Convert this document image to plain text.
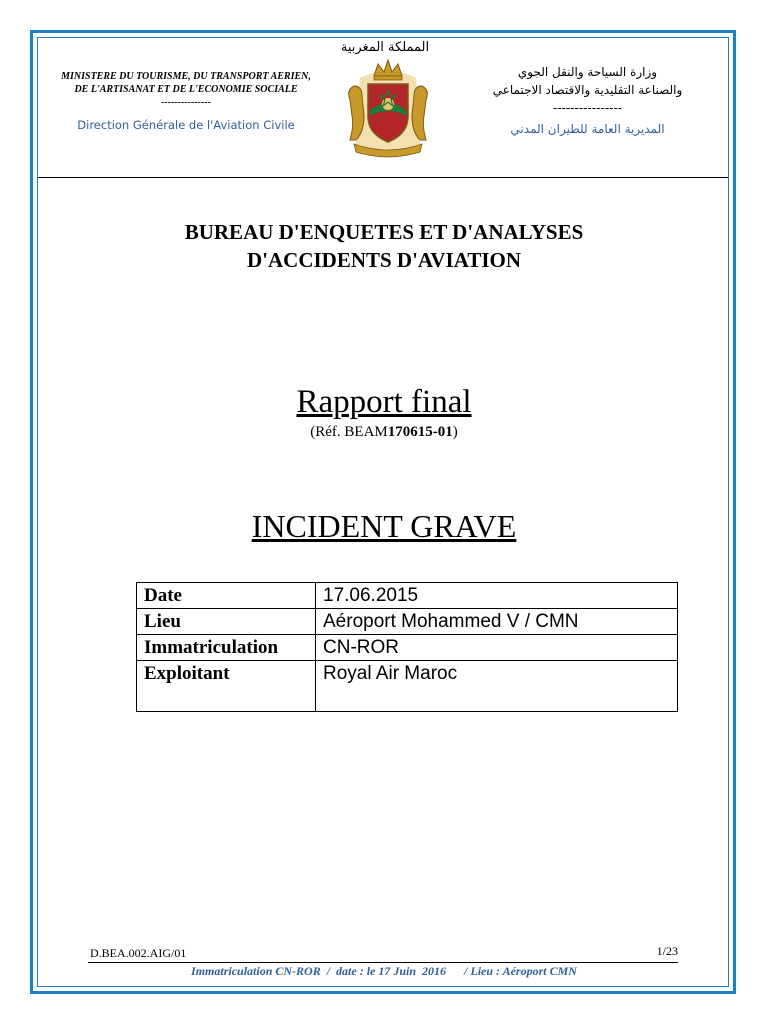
المملكة المغربية
MINISTERE DU TOURISME, DU TRANSPORT AERIEN,
DE L'ARTISANAT ET DE L'ECONOMIE SOCIALE
---------------
Direction Générale de l'Aviation Civile
وزارة السياحة والنقل الجوي
والصناعة التقليدية والاقتصاد الاجتماعي
----------------
المديرية العامة للطيران المدني
BUREAU D'ENQUETES ET D'ANALYSES
D'ACCIDENTS D'AVIATION
Rapport final
(Réf. BEAM170615-01)
INCIDENT GRAVE
Date	17.06.2015
Lieu	Aéroport Mohammed V / CMN
Immatriculation	CN-ROR
Exploitant	Royal Air Maroc
D.BEA.002.AIG/01	1/23
Immatriculation CN-ROR  /  date : le 17 Juin  2016      / Lieu : Aéroport CMN
